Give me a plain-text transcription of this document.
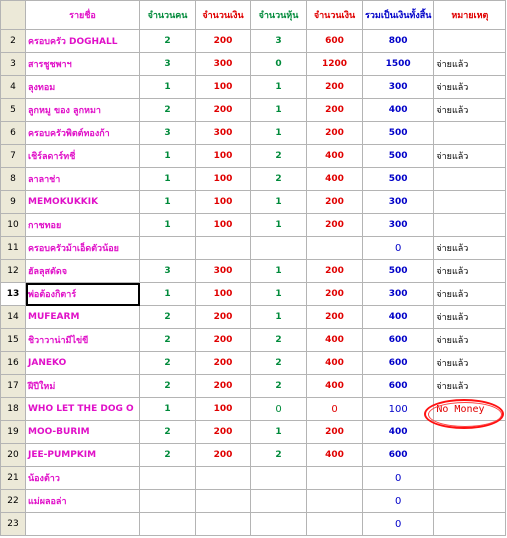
	รายชื่อ	จำนวนคน	จำนวนเงิน	จำนวนหุ้น	จำนวนเงิน	รวมเป็นเงินทั้งสิ้น	หมายเหตุ
2	ครอบครัว DOGHALL	2	200	3	600	800	
3	สารชูชพาฯ	3	300	0	1200	1500	จ่ายแล้ว
4	ลุงทอม	1	100	1	200	300	จ่ายแล้ว
5	ลูกหมู ของ ลูกหมา	2	200	1	200	400	จ่ายแล้ว
6	ครอบครัวพิตต์ทองก้า	3	300	1	200	500	
7	เชิร์ลดาร์ทชี่	1	100	2	400	500	จ่ายแล้ว
8	ลาลาช่า	1	100	2	400	500	
9	MEMOKUKKIK	1	100	1	200	300	
10	กาชทอย	1	100	1	200	300	
11	ครอบครัวม้าเอ็ดตัวน้อย					0	จ่ายแล้ว
12	ฮัลลุสตัดจ	3	300	1	200	500	จ่ายแล้ว
13	พ่อต้องกิตาร์	1	100	1	200	300	จ่ายแล้ว
14	MUFEARM	2	200	1	200	400	จ่ายแล้ว
15	ชิวาวาน่ามีไข่ขี	2	200	2	400	600	จ่ายแล้ว
16	JANEKO	2	200	2	400	600	จ่ายแล้ว
17	ฝีปีใหม่	2	200	2	400	600	จ่ายแล้ว
18	WHO LET THE DOG O	1	100	0	0	100	No Money
19	MOO-BURIM	2	200	1	200	400	
20	JEE-PUMPKIM	2	200	2	400	600	
21	น้องต้าว					0	
22	แม่ผลอล่า					0	
23						0	
